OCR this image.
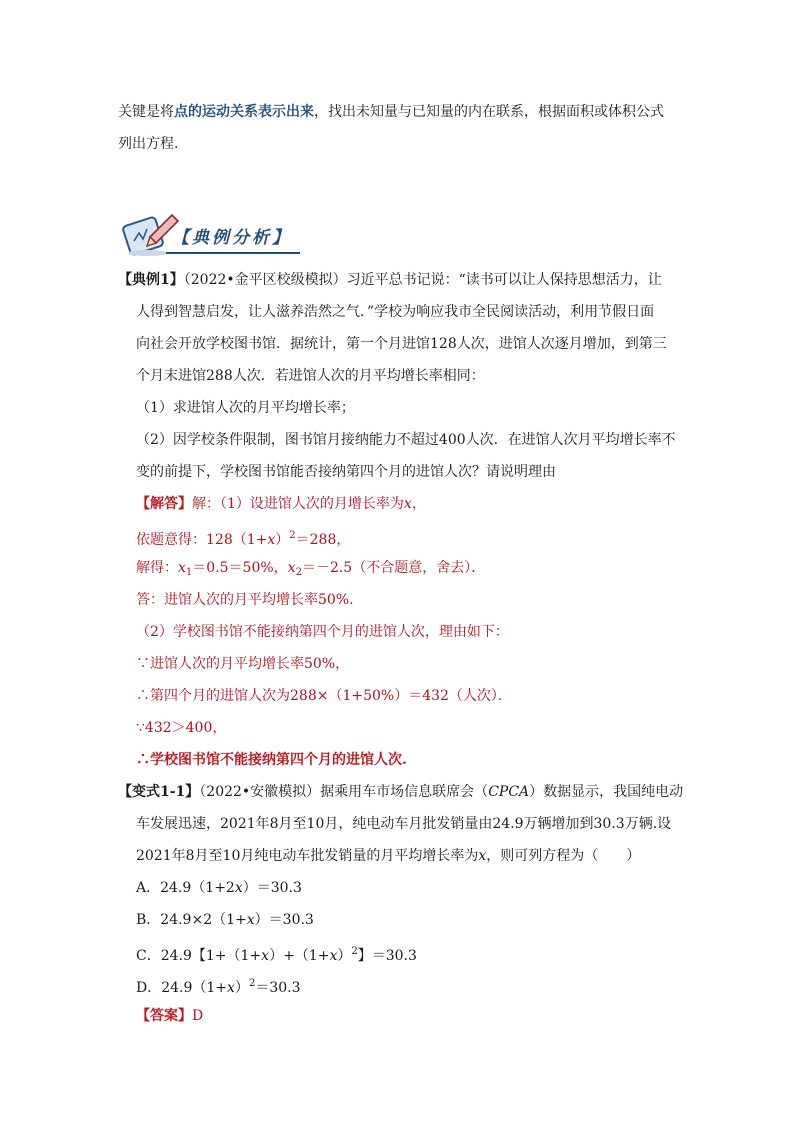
关键是将点的运动关系表示出来，找出未知量与已知量的内在联系，根据面积或体积公式
列出方程.
【典例分析】
【典例1】（2022•金平区校级模拟）习近平总书记说：“读书可以让人保持思想活力，让
人得到智慧启发，让人滋养浩然之气．”学校为响应我市全民阅读活动，利用节假日面
向社会开放学校图书馆．据统计，第一个月进馆128人次，进馆人次逐月增加，到第三
个月末进馆288人次．若进馆人次的月平均增长率相同：
（1）求进馆人次的月平均增长率；
（2）因学校条件限制，图书馆月接纳能力不超过400人次．在进馆人次月平均增长率不
变的前提下，学校图书馆能否接纳第四个月的进馆人次？请说明理由
【解答】解：（1）设进馆人次的月增长率为x，
依题意得：$128(1+x)^2=288$，
解得：$x_1=0.5=50\%$，$x_2=-2.5$（不合题意，舍去）．
答：进馆人次的月平均增长率50%．
（2）学校图书馆不能接纳第四个月的进馆人次，理由如下：
∵进馆人次的月平均增长率50%，
∴第四个月的进馆人次为288×（1+50%）＝432（人次）．
∵432＞400，
∴学校图书馆不能接纳第四个月的进馆人次.
【变式1-1】（2022•安徽模拟）据乘用车市场信息联席会（CPCA）数据显示，我国纯电动
车发展迅速，2021年8月至10月，纯电动车月批发销量由24.9万辆增加到30.3万辆.设
2021年8月至10月纯电动车批发销量的月平均增长率为x，则可列方程为（　　）
A．24.9（1+2x）＝30.3
B．24.9×2（1+x）＝30.3
C．24.9【$1+(1+x)+(1+x)^2$】＝30.3
D．$24.9(1+x)^2=30.3$
【答案】D
